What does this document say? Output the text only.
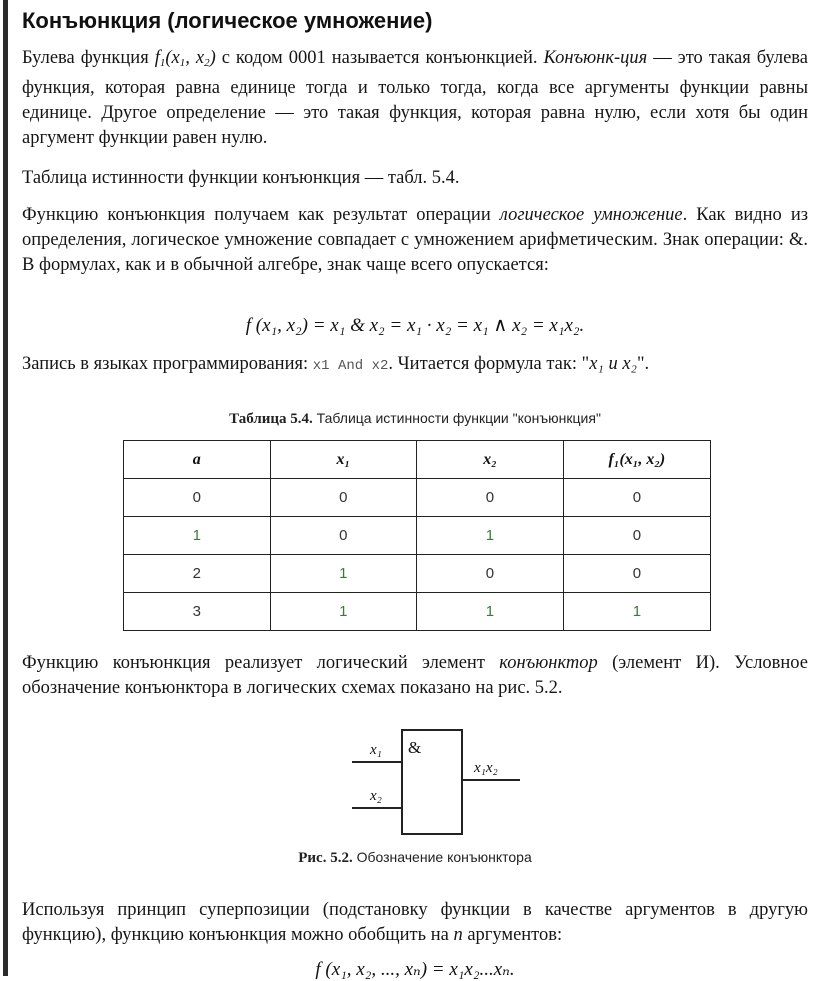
Конъюнкция (логическое умножение)
Булева функция $f_1(x_1$, $x_2$) с кодом 0001 называется конъюнкцией. Конъюнк-ция — это такая булева функция, которая равна единице тогда и только тогда, когда все аргументы функции равны единице. Другое определение — это такая функция, которая равна нулю, если хотя бы один аргумент функции равен нулю.
Таблица истинности функции конъюнкция — табл. 5.4.
Функцию конъюнкция получаем как результат операции логическое умножение. Как видно из определения, логическое умножение совпадает с умножением арифметическим. Знак операции: &. В формулах, как и в обычной алгебре, знак чаще всего опускается:
f (x₁, x₂) = x₁ & x₂ = x₁ · x₂ = x₁ ∧ x₂ = x₁x₂.
Запись в языках программирования: x1 And x2. Читается формула так: "x₁ и x₂".
Таблица 5.4. Таблица истинности функции "конъюнкция"
a	x₁	x₂	f₁(x₁, x₂)
0	0	0	0
1	0	1	0
2	1	0	0
3	1	1	1
Функцию конъюнкция реализует логический элемент конъюнктор (элемент И). Условное обозначение конъюнктора в логических схемах показано на рис. 5.2.
&
x₁
x₂
x₁x₂
Рис. 5.2. Обозначение конъюнктора
Используя принцип суперпозиции (подстановку функции в качестве аргументов в другую функцию), функцию конъюнкция можно обобщить на n аргументов:
f (x₁, x₂, ..., xₙ) = x₁x₂...xₙ.
